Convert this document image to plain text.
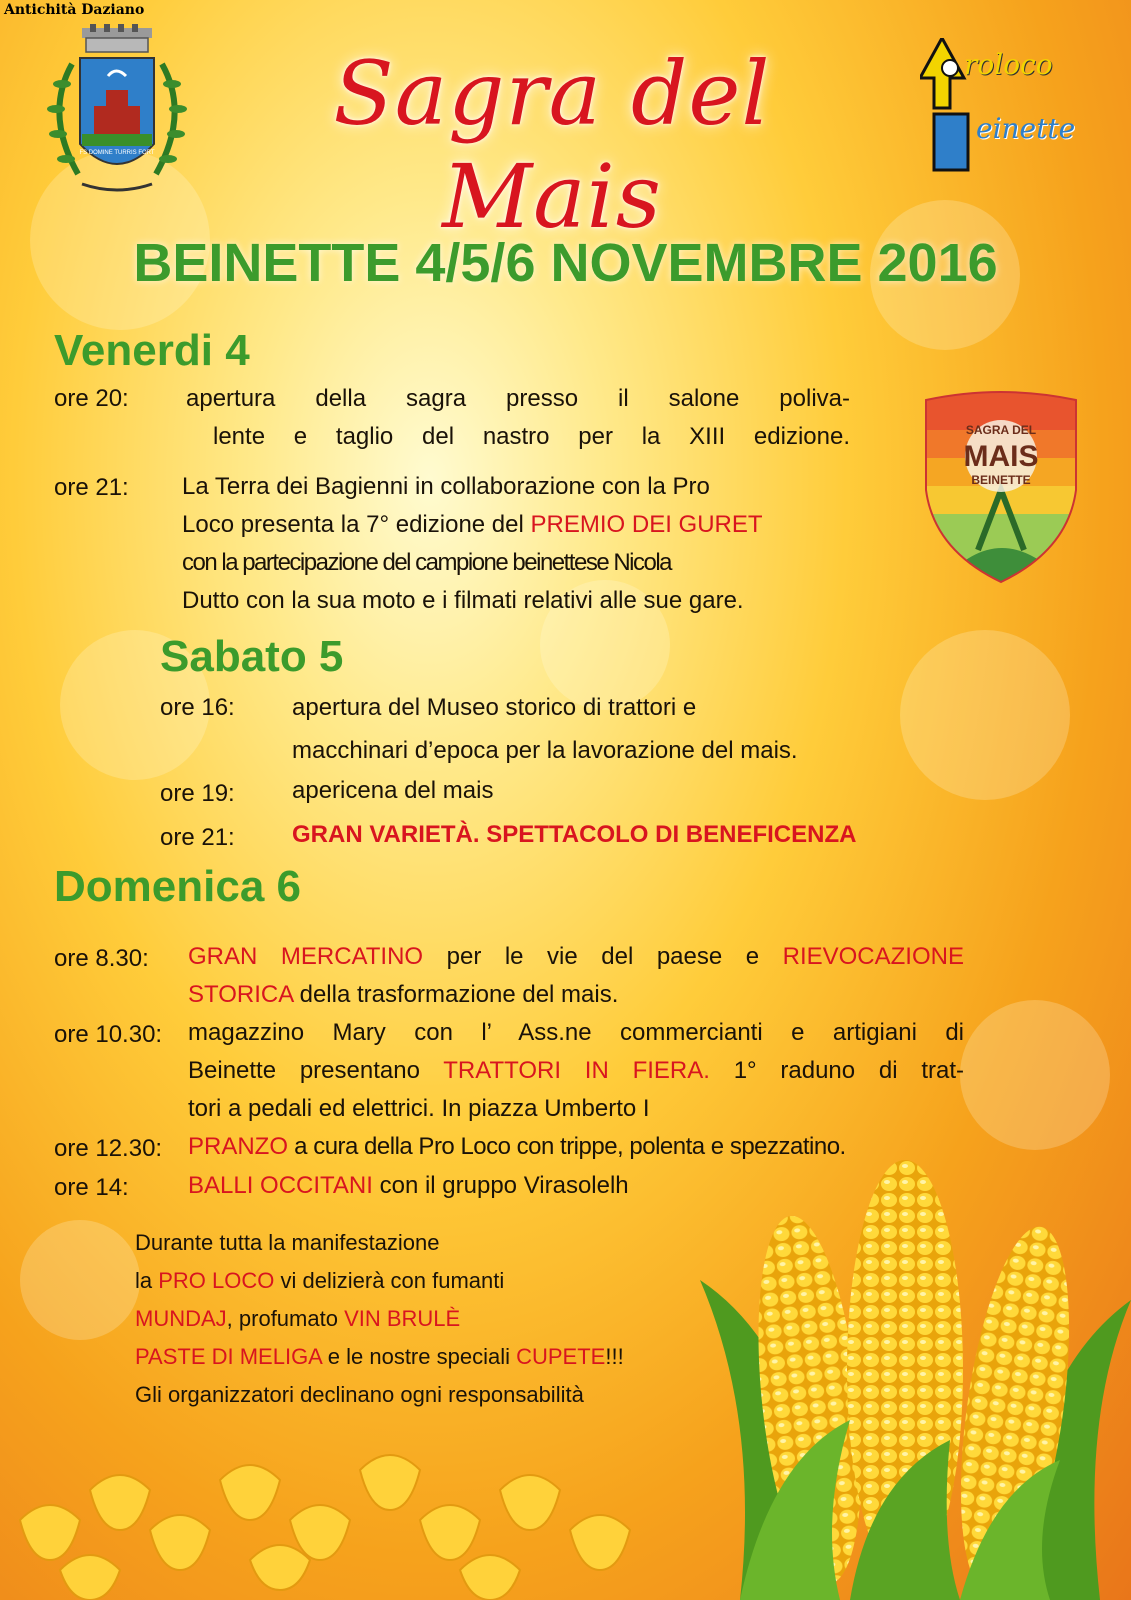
Antichità Daziano
FS DOMINE TURRIS FORT
Sagra del Mais
roloco
einette
BEINETTE 4/5/6 NOVEMBRE 2016
SAGRA DEL
MAIS
BEINETTE
Venerdi 4
ore 20: apertura della sagra presso il salone poliva-
lente e taglio del nastro per la XIII edizione.
ore 21: La Terra dei Bagienni in collaborazione con la Pro
Loco presenta la 7° edizione del PREMIO DEI GURET
con la partecipazione del campione beinettese Nicola
Dutto con la sua moto e i filmati relativi alle sue gare.
Sabato 5
ore 16: apertura del Museo storico di trattori e
macchinari d’epoca per la lavorazione del mais.
ore 19: apericena del mais
ore 21: GRAN VARIETÀ. SPETTACOLO DI BENEFICENZA
Domenica 6
ore 8.30: GRAN MERCATINO per le vie del paese e RIEVOCAZIONE
STORICA della trasformazione del mais.
ore 10.30: magazzino Mary con l’ Ass.ne commercianti e artigiani di
Beinette presentano TRATTORI IN FIERA. 1° raduno di trat-
tori a pedali ed elettrici. In piazza Umberto I
ore 12.30: PRANZO a cura della Pro Loco con trippe, polenta e spezzatino.
ore 14: BALLI OCCITANI con il gruppo Virasolelh
Durante tutta la manifestazione
la PRO LOCO vi delizierà con fumanti
MUNDAJ, profumato VIN BRULÈ
PASTE DI MELIGA e le nostre speciali CUPETE!!!
Gli organizzatori declinano ogni responsabilità
